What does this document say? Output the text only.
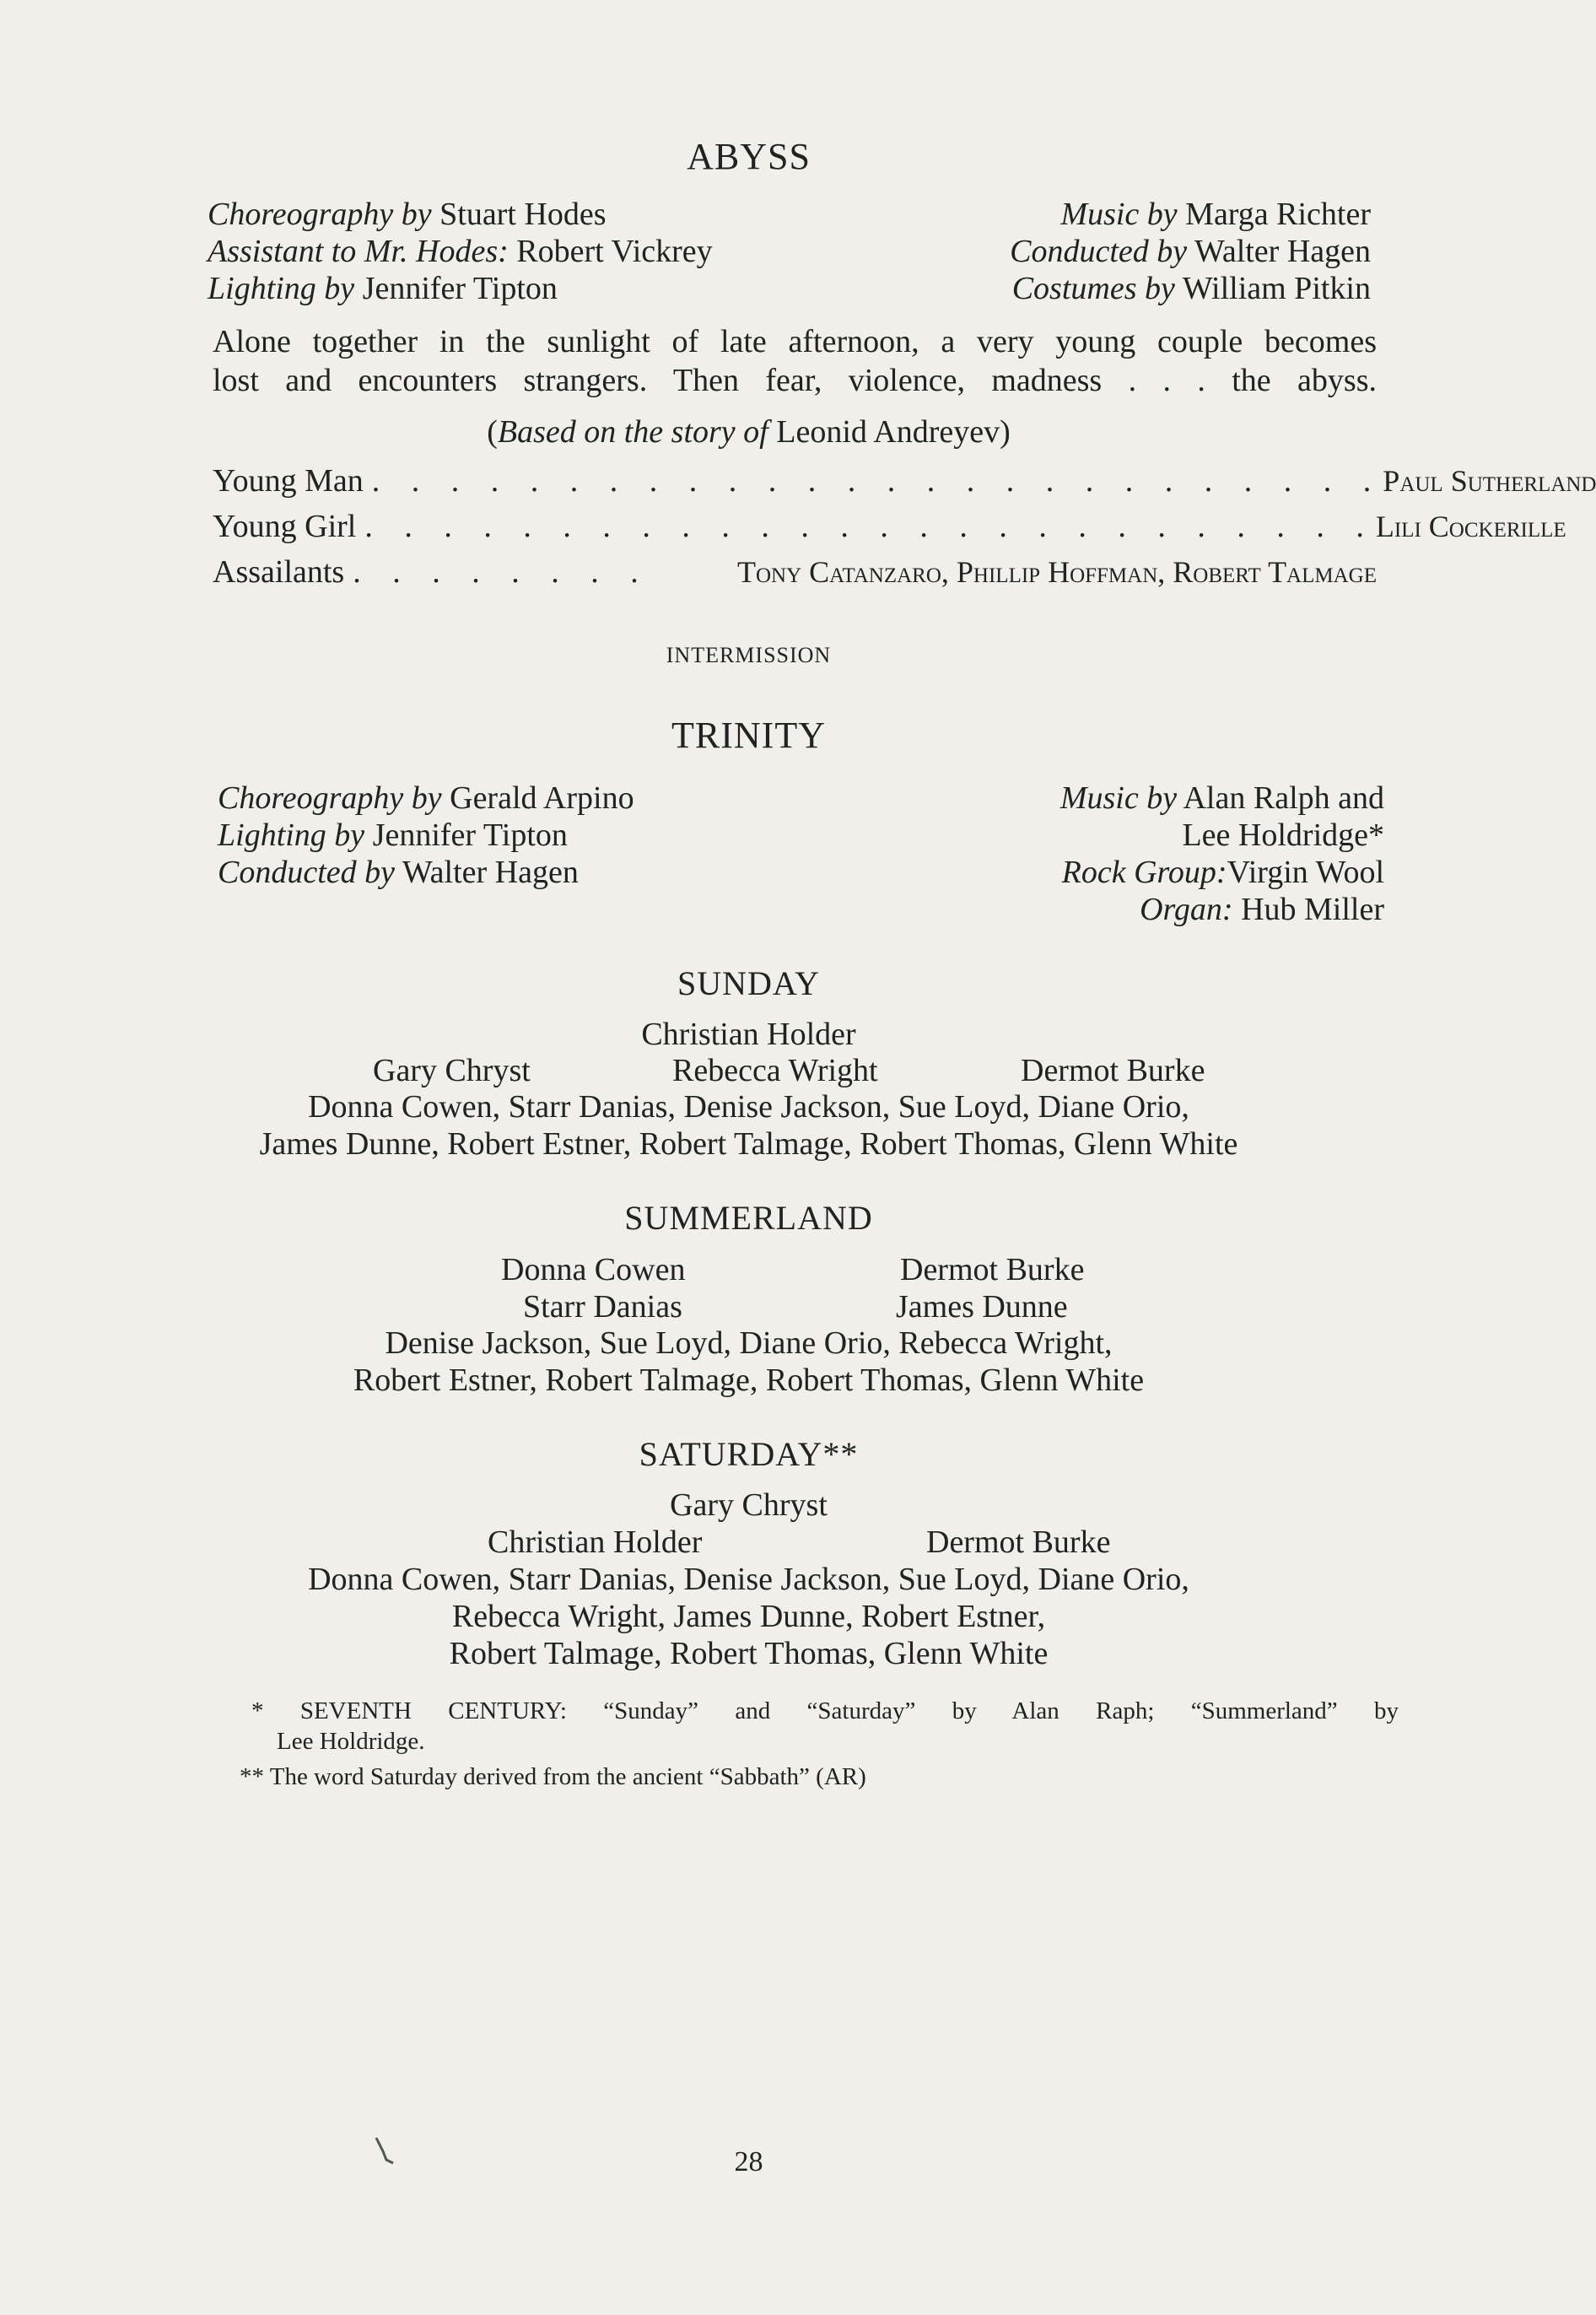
ABYSS
Choreography by Stuart Hodes
Assistant to Mr. Hodes: Robert Vickrey
Lighting by Jennifer Tipton
Music by Marga Richter
Conducted by Walter Hagen
Costumes by William Pitkin
Alone together in the sunlight of late afternoon, a very young couple becomes
lost and encounters strangers. Then fear, violence, madness . . . the abyss.
(Based on the story of Leonid Andreyev)
Young Man . . . . . . . . . . . . . . . . . . . . . . . . . . Paul Sutherland
Young Girl . . . . . . . . . . . . . . . . . . . . . . . . . . Lili Cockerille
Assailants . . . . . . . .	Tony Catanzaro, Phillip Hoffman, Robert Talmage
INTERMISSION
TRINITY
Choreography by Gerald Arpino
Lighting by Jennifer Tipton
Conducted by Walter Hagen
Music by Alan Ralph and
Lee Holdridge*
Rock Group:Virgin Wool
Organ: Hub Miller
SUNDAY
Christian Holder
Gary Chryst	Rebecca Wright	Dermot Burke
Donna Cowen, Starr Danias, Denise Jackson, Sue Loyd, Diane Orio,
James Dunne, Robert Estner, Robert Talmage, Robert Thomas, Glenn White
SUMMERLAND
Donna Cowen	Dermot Burke
Starr Danias	James Dunne
Denise Jackson, Sue Loyd, Diane Orio, Rebecca Wright,
Robert Estner, Robert Talmage, Robert Thomas, Glenn White
SATURDAY**
Gary Chryst
Christian Holder	Dermot Burke
Donna Cowen, Starr Danias, Denise Jackson, Sue Loyd, Diane Orio,
Rebecca Wright, James Dunne, Robert Estner,
Robert Talmage, Robert Thomas, Glenn White
* SEVENTH CENTURY: “Sunday” and “Saturday” by Alan Raph; “Summerland” by
Lee Holdridge.
** The word Saturday derived from the ancient “Sabbath” (AR)
28
